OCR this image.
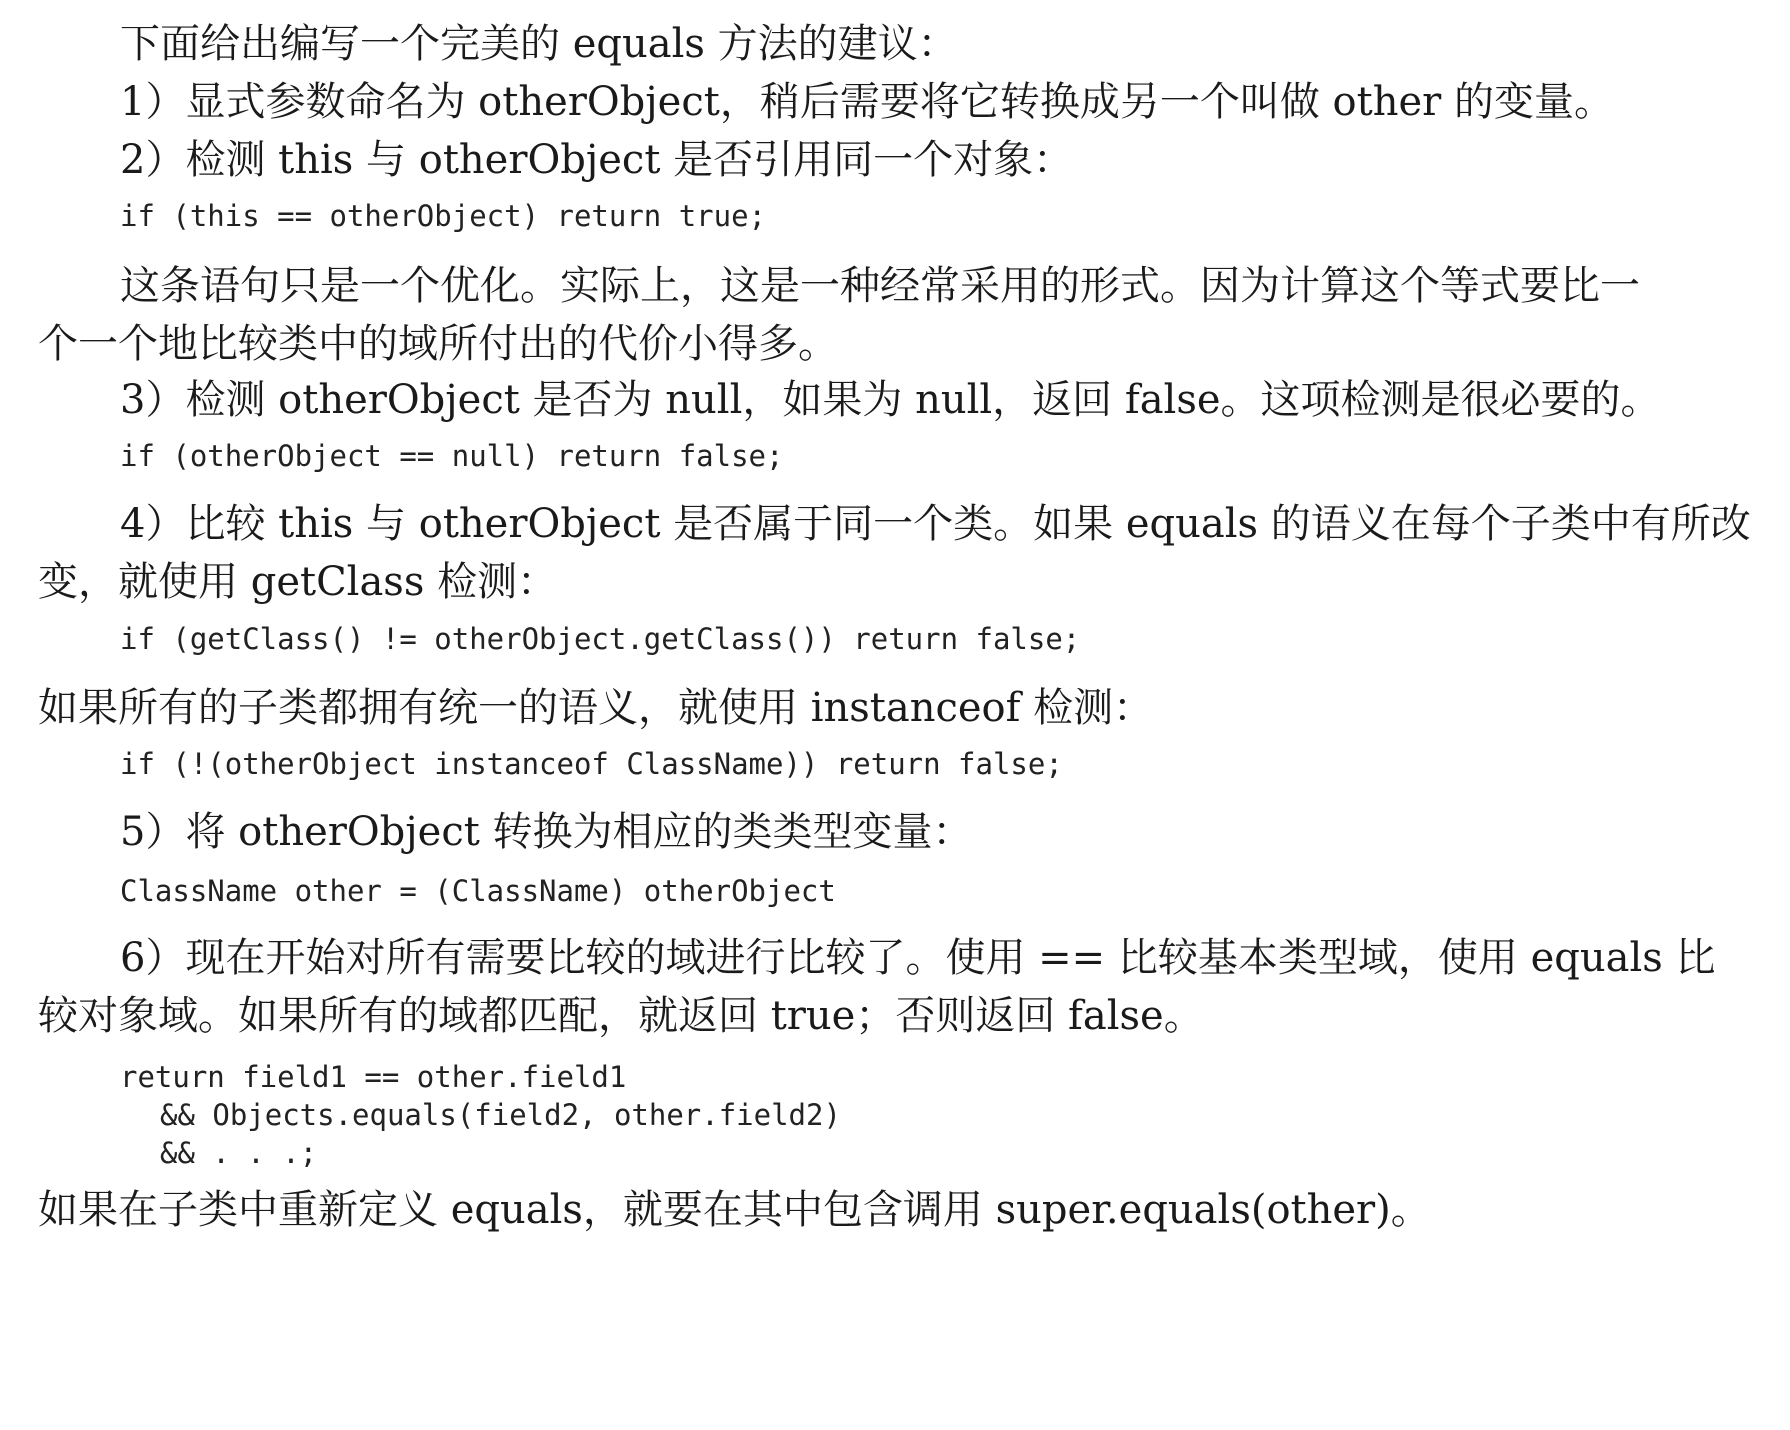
下面给出编写一个完美的 equals 方法的建议：
1）显式参数命名为 otherObject，稍后需要将它转换成另一个叫做 other 的变量。
2）检测 this 与 otherObject 是否引用同一个对象：
if (this == otherObject) return true;
这条语句只是一个优化。实际上，这是一种经常采用的形式。因为计算这个等式要比一
个一个地比较类中的域所付出的代价小得多。
3）检测 otherObject 是否为 null，如果为 null，返回 false。这项检测是很必要的。
if (otherObject == null) return false;
4）比较 this 与 otherObject 是否属于同一个类。如果 equals 的语义在每个子类中有所改
变，就使用 getClass 检测：
if (getClass() != otherObject.getClass()) return false;
如果所有的子类都拥有统一的语义，就使用 instanceof 检测：
if (!(otherObject instanceof ClassName)) return false;
5）将 otherObject 转换为相应的类类型变量：
ClassName other = (ClassName) otherObject
6）现在开始对所有需要比较的域进行比较了。使用 == 比较基本类型域，使用 equals 比
较对象域。如果所有的域都匹配，就返回 true；否则返回 false。
return field1 == other.field1
&& Objects.equals(field2, other.field2)
&& . . .;
如果在子类中重新定义 equals，就要在其中包含调用 super.equals(other)。
